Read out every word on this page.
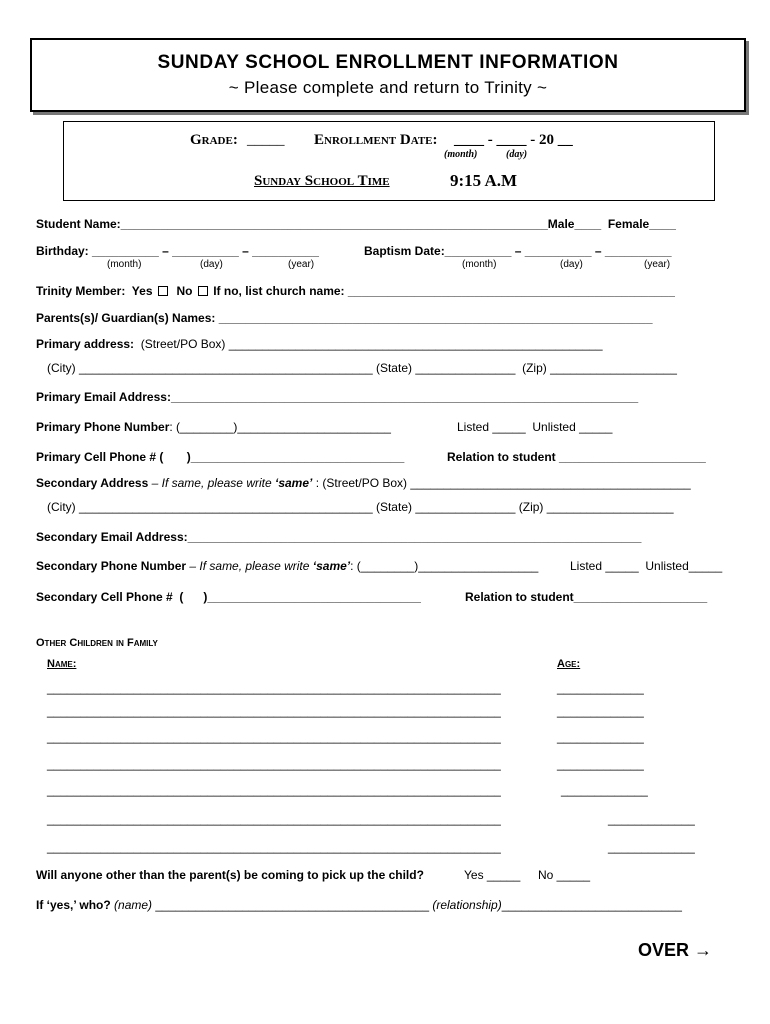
SUNDAY SCHOOL ENROLLMENT INFORMATION
~ Please complete and return to Trinity ~
Grade: _____ Enrollment Date: ____ - ____ - 20 __
(month)	(day)
Sunday School Time	9:15 A.M
Student Name:________________________________________________________________Male____  Female____
Birthday: __________ – __________ – __________
(month)	(day)	(year)
Baptism Date:__________ – __________ – __________
(month)	(day)	(year)
Trinity Member:  Yes No If no, list church name: _________________________________________________
Parents(s)/ Guardian(s) Names: _________________________________________________________________
Primary address:  (Street/PO Box) ________________________________________________________
(City) ____________________________________________ (State) _______________  (Zip) ___________________
Primary Email Address:______________________________________________________________________
Primary Phone Number: (________)_______________________	Listed _____  Unlisted _____
Primary Cell Phone # (       )________________________________	Relation to student ______________________
Secondary Address – If same, please write ‘same’ : (Street/PO Box) __________________________________________
(City) ____________________________________________ (State) _______________ (Zip) ___________________
Secondary Email Address:____________________________________________________________________
Secondary Phone Number – If same, please write ‘same’: (________)__________________	Listed _____  Unlisted_____
Secondary Cell Phone #  (      )________________________________	Relation to student____________________
Other Children in Family
Name:	Age:
____________________________________________________________________	_____________
____________________________________________________________________	_____________
____________________________________________________________________	_____________
____________________________________________________________________	_____________
____________________________________________________________________	_____________
____________________________________________________________________	_____________
____________________________________________________________________	_____________
Will anyone other than the parent(s) be coming to pick up the child?	Yes _____ No _____
If ‘yes,’ who? (name) _________________________________________ (relationship)___________________________
OVER →
